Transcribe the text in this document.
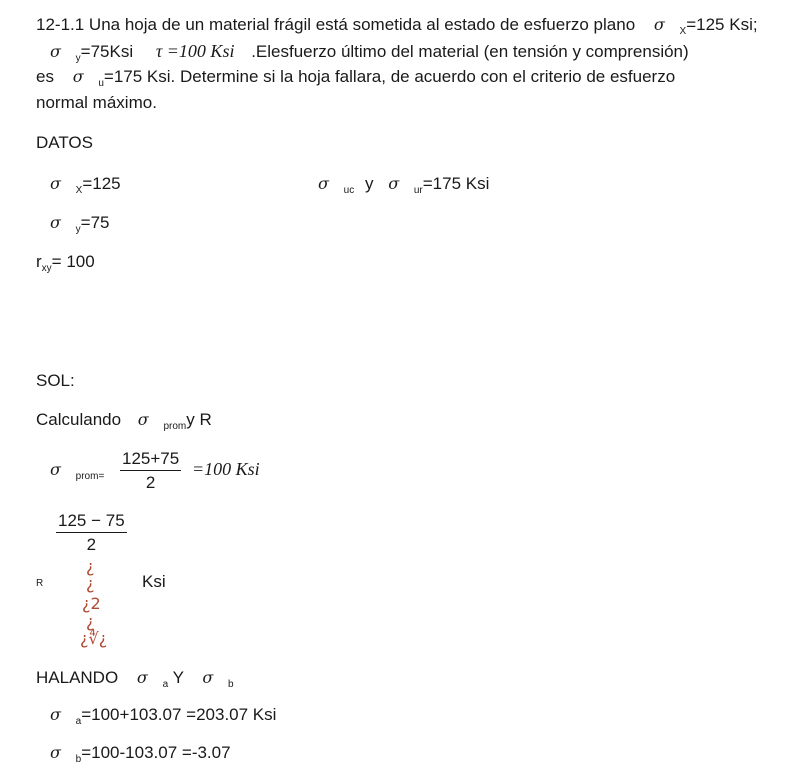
12-1.1 Una hoja de un material frágil está sometida al estado de esfuerzo plano σ $_X$=125 Ksi;
σ $_y$=75Ksi τ =100 Ksi .Elesfuerzo último del material (en tensión y comprensión)
es σ $_u$=175 Ksi. Determine si la hoja fallara, de acuerdo con el criterio de esfuerzo
normal máximo.
DATOS
σ $_X$=125	σ $_{uc}$ y σ $_{ur}$=175 Ksi
σ $_y$=75
$r_{xy}= 100$
SOL:
Calculando σ $_{prom}$y R
σ $_{prom=} \frac{125+75}{2} =100$ Ksi
$\frac{125 - 75}{2}$
¿
¿
R	Ksi
¿2
¿
¿∜¿
HALANDO σ $_a$ Y σ $_b$
σ $_a$=100+103.07 =203.07 Ksi
σ $_b$=100-103.07 =-3.07
